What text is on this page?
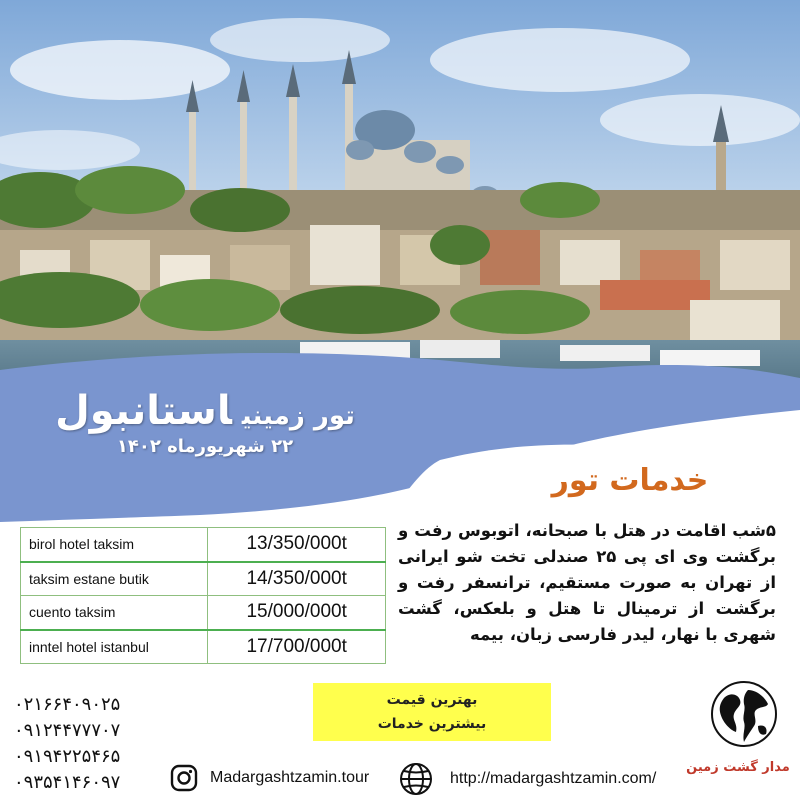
تور زمینیاستانبول
۲۲ شهریورماه ۱۴۰۲
خدمات تور
birol hotel taksim	13/350/000t
taksim estane butik	14/350/000t
cuento taksim	15/000/000t
inntel hotel istanbul	17/700/000t
۵شب اقامت در هتل با صبحانه، اتوبوس رفت و برگشت وی ای پی ۲۵ صندلی تخت شو ایرانی از تهران به صورت مستقیم، ترانسفر رفت و برگشت از ترمینال تا هتل و بلعکس، گشت شهری با نهار، لیدر فارسی زبان، بیمه
۰۲۱۶۶۴۰۹۰۲۵
۰۹۱۲۴۴۷۷۷۰۷
۰۹۱۹۴۲۲۵۴۶۵
۰۹۳۵۴۱۴۶۰۹۷
بهترین قیمت
بیشترین خدمات
Madargashtzamin.tour	http://madargashtzamin.com/
مدار گشت زمین
